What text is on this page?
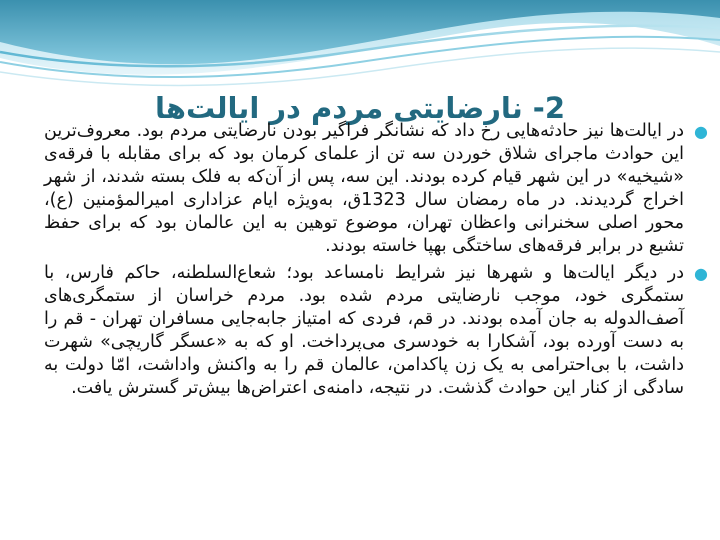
2- نارضایتی مردم در ایالت‌ها

●
در ایالت‌ها نیز حادثه‌هایی رخ داد که نشانگر فراگیر بودن نارضایتی مردم بود. معروف‌ترین این حوادث ماجرای شلاق خوردن سه تن از علمای کرمان بود که برای مقابله با فرقه‌ی «شیخیه» در این شهر قیام کرده بودند. این سه، پس از آن‌که به فلک بسته شدند، از شهر اخراج گردیدند. در ماه رمضان سال 1323ق، به‌ویژه ایام عزاداری امیرالمؤمنین (ع)، محور اصلی سخنرانی واعظان تهران، موضوع توهین به این عالمان بود که برای حفظ تشیع در برابر فرقه‌های ساختگی بهپا خاسته بودند.

●
در دیگر ایالت‌ها و شهرها نیز شرایط نامساعد بود؛ شعاع‌السلطنه، حاکم فارس، با ستمگری خود، موجب نارضایتی مردم شده بود. مردم خراسان از ستمگری‌های آصف‌الدوله به جان آمده بودند. در قم، فردی که امتیاز جابه‌جایی مسافران تهران - قم را به دست آورده بود، آشکارا به خودسری می‌پرداخت. او که به «عسگر گاریچی» شهرت داشت، با بی‌احترامی به یک زن پاکدامن، عالمان قم را به واکنش واداشت، امّا دولت به سادگی از کنار این حوادث گذشت. در نتیجه، دامنه‌ی اعتراض‌ها بیش‌تر گسترش یافت.
